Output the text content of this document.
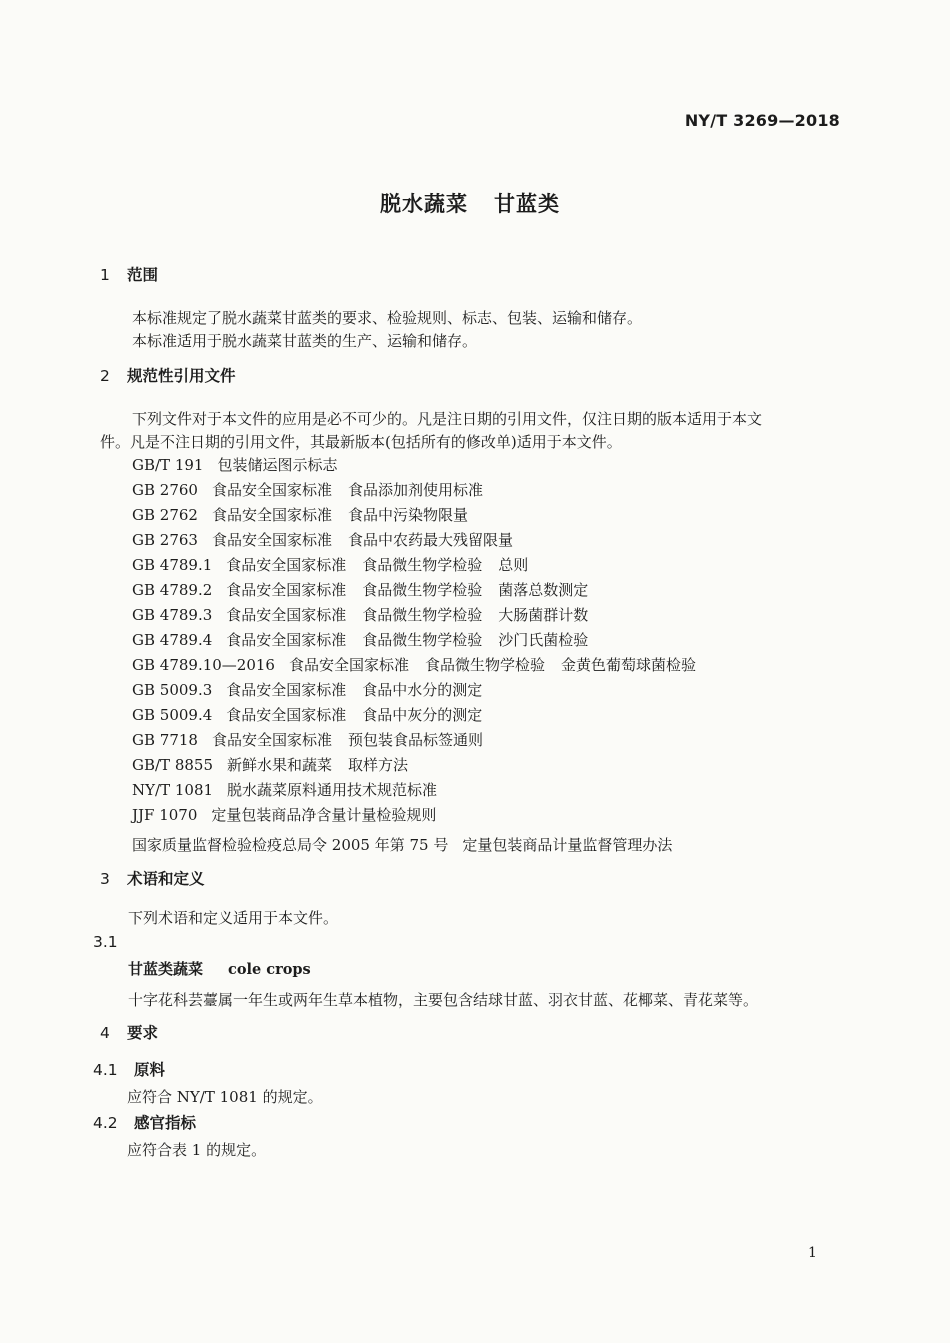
NY/T 3269—2018
脱水蔬菜 甘蓝类
1 范围
本标准规定了脱水蔬菜甘蓝类的要求、检验规则、标志、包装、运输和储存。
本标准适用于脱水蔬菜甘蓝类的生产、运输和储存。
2 规范性引用文件
下列文件对于本文件的应用是必不可少的。凡是注日期的引用文件，仅注日期的版本适用于本文
件。凡是不注日期的引用文件，其最新版本(包括所有的修改单)适用于本文件。
GB/T 191 包装储运图示标志
GB 2760 食品安全国家标准 食品添加剂使用标准
GB 2762 食品安全国家标准 食品中污染物限量
GB 2763 食品安全国家标准 食品中农药最大残留限量
GB 4789.1 食品安全国家标准 食品微生物学检验 总则
GB 4789.2 食品安全国家标准 食品微生物学检验 菌落总数测定
GB 4789.3 食品安全国家标准 食品微生物学检验 大肠菌群计数
GB 4789.4 食品安全国家标准 食品微生物学检验 沙门氏菌检验
GB 4789.10—2016 食品安全国家标准 食品微生物学检验 金黄色葡萄球菌检验
GB 5009.3 食品安全国家标准 食品中水分的测定
GB 5009.4 食品安全国家标准 食品中灰分的测定
GB 7718 食品安全国家标准 预包装食品标签通则
GB/T 8855 新鲜水果和蔬菜 取样方法
NY/T 1081 脱水蔬菜原料通用技术规范标准
JJF 1070 定量包装商品净含量计量检验规则
国家质量监督检验检疫总局令 2005 年第 75 号 定量包装商品计量监督管理办法
3 术语和定义
下列术语和定义适用于本文件。
3.1
甘蓝类蔬菜 cole crops
十字花科芸薹属一年生或两年生草本植物，主要包含结球甘蓝、羽衣甘蓝、花椰菜、青花菜等。
4 要求
4.1 原料
应符合 NY/T 1081 的规定。
4.2 感官指标
应符合表 1 的规定。
1
